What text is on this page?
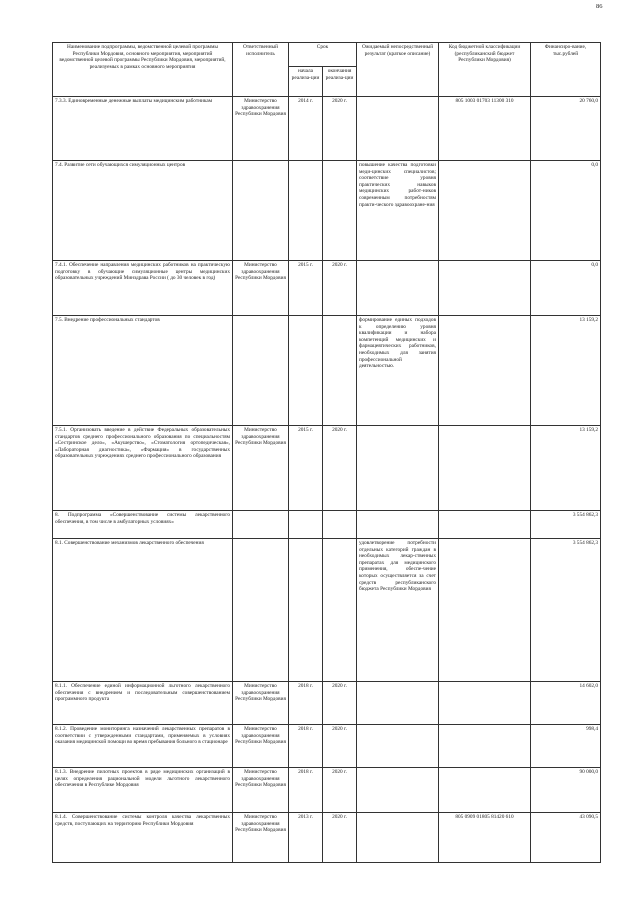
86
Наименование подпрограммы, ведомственной целевой программы Республики Мордовия, основного мероприятия, мероприятий ведомственной целевой программы Республики Мордовия, мероприятий, реализуемых в рамках основного мероприятия	Ответственный исполнитель	Срок		Ожидаемый непосредственный результат (краткое описание)	Код бюджетной классификации (республиканский бюджет Республики Мордовия)	Финансиро-вание, тыс.рублей
		начала реализа-ции	окончания реализа-ции			
7.3.3. Единовременные денежные выплаты медицинским работникам	Министерство здравоохранения Республики Мордовия	2014 г.	2020 г.		805 1003 01703 11300 310	20 760,0
7.4. Развитие сети обучающихся симуляционных центров				повышение качества подготовки меди-цинских специалистов; соответствие уровня практических навыков медицинских работ-ников современным потребностям практи-ческого здравоохране-ния		0,0
7.4.1. Обеспечение направления медицинских работников на практическую подготовку в обучающие симуляционные центры медицинских образовательных учреждений Минздрава России ( до 30 человек в год)	Министерство здравоохранения Республики Мордовия	2015 г.	2020 г.			0,0
7.5. Внедрение профессиональных стандартов				формирование единых подходов к определению уровня квалификации и набора компетенций медицинских и фармацевтических работников, необходимых для занятия профессиональной деятельностью.		13 159,2
7.5.1. Организовать введение в действие Федеральных образовательных стандартов среднего профессионального образования по специальностям «Сестринское дело», «Акушерство», «Стоматология ортопедическая», «Лабораторная диагностика», «Фармация» в государственных образовательных учреждениях среднего профессионального образования	Министерство здравоохранения Республики Мордовия	2015 г.	2020 г.			13 159,2
8. Подпрограмма «Совершенствование системы лекарственного обеспечения, в том числе в амбулаторных условиях»						3 554 862,3
8.1. Совершенствование механизмов лекарственного обеспечения				удовлетворение потребности отдельных категорий граждан в необходимых лекар-ственных препаратах для медицинского применения, обеспе-чение которых осуществляется за счет средств республиканского бюджета Республики Мордовия		3 554 862,3
8.1.1. Обеспечение единой информационной льготного лекарственного обеспечения с внедрением и последовательным совершенствованием программного продукта	Министерство здравоохранения Республики Мордовия	2018 г.	2020 г.			14 602,0
8.1.2. Проведение мониторинга назначений лекарственных препаратов в соответствии с утвержденными стандартами, применяемых в условиях оказания медицинской помощи во время пребывания больного в стационаре	Министерство здравоохранения Республики Мордовия	2018 г.	2020 г.			998,4
8.1.3. Внедрение пилотных проектов в ряде медицинских организаций в целях определения рациональной модели льготного лекарственного обеспечения в Республике Мордовия	Министерство здравоохранения Республики Мордовия	2018 г.	2020 г.			90 000,0
8.1.4. Совершенствование системы контроля качества лекарственных средств, поступающих на территорию Республики Мордовия	Министерство здравоохранения Республики Мордовия	2013 г.	2020 г.		805 0909 01805 81420 610	43 090,5
